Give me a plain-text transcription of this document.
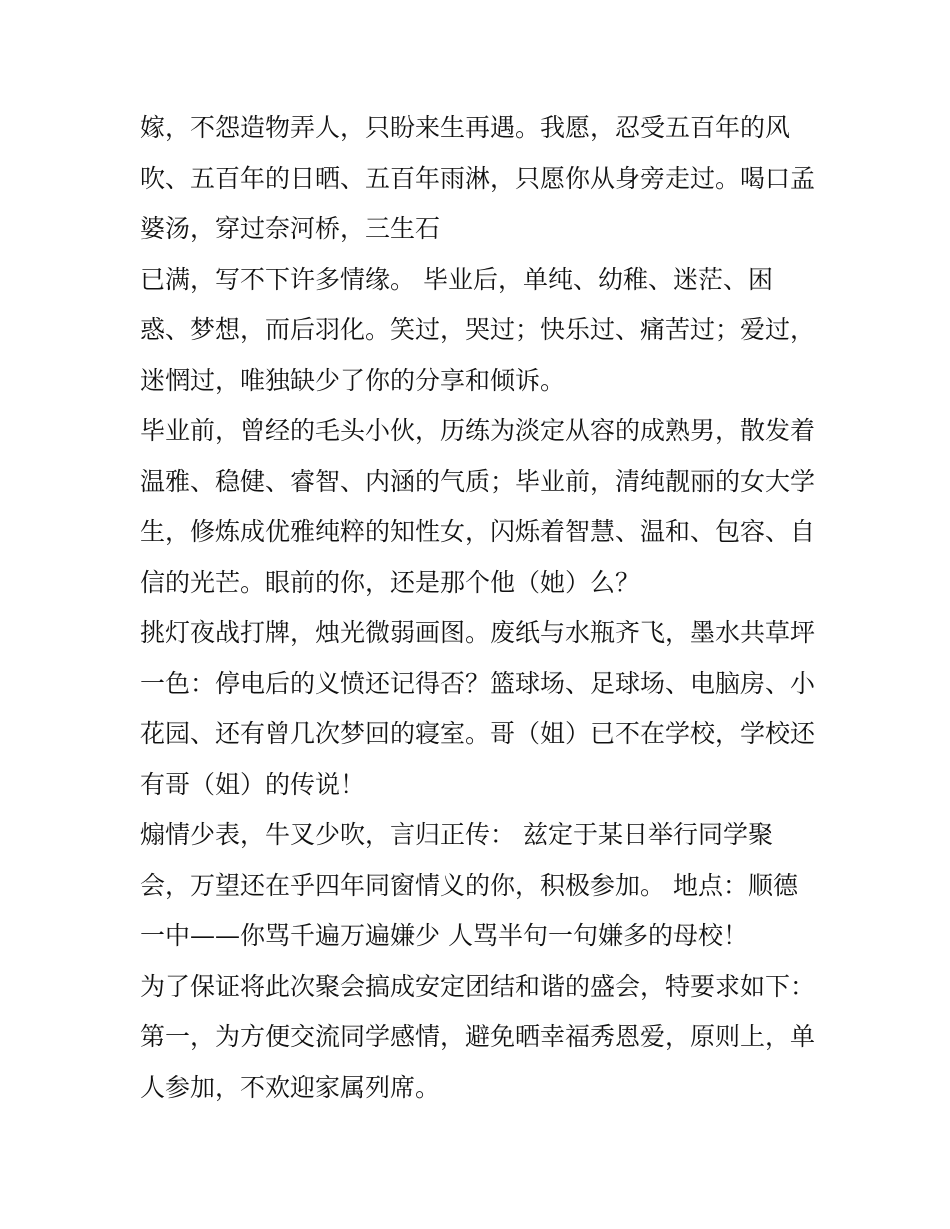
嫁，不怨造物弄人，只盼来生再遇。我愿，忍受五百年的风
吹、五百年的日晒、五百年雨淋，只愿你从身旁走过。喝口孟
婆汤，穿过奈河桥，三生石
已满，写不下许多情缘。 毕业后，单纯、幼稚、迷茫、困
惑、梦想，而后羽化。笑过，哭过；快乐过、痛苦过；爱过，
迷惘过，唯独缺少了你的分享和倾诉。
毕业前，曾经的毛头小伙，历练为淡定从容的成熟男，散发着
温雅、稳健、睿智、内涵的气质；毕业前，清纯靓丽的女大学
生，修炼成优雅纯粹的知性女，闪烁着智慧、温和、包容、自
信的光芒。眼前的你，还是那个他（她）么？
挑灯夜战打牌，烛光微弱画图。废纸与水瓶齐飞，墨水共草坪
一色：停电后的义愤还记得否？篮球场、足球场、电脑房、小
花园、还有曾几次梦回的寝室。哥（姐）已不在学校，学校还
有哥（姐）的传说！
煽情少表，牛叉少吹，言归正传： 兹定于某日举行同学聚
会，万望还在乎四年同窗情义的你，积极参加。 地点：顺德
一中——你骂千遍万遍嫌少 人骂半句一句嫌多的母校！
为了保证将此次聚会搞成安定团结和谐的盛会，特要求如下：
第一，为方便交流同学感情，避免晒幸福秀恩爱，原则上，单
人参加，不欢迎家属列席。
